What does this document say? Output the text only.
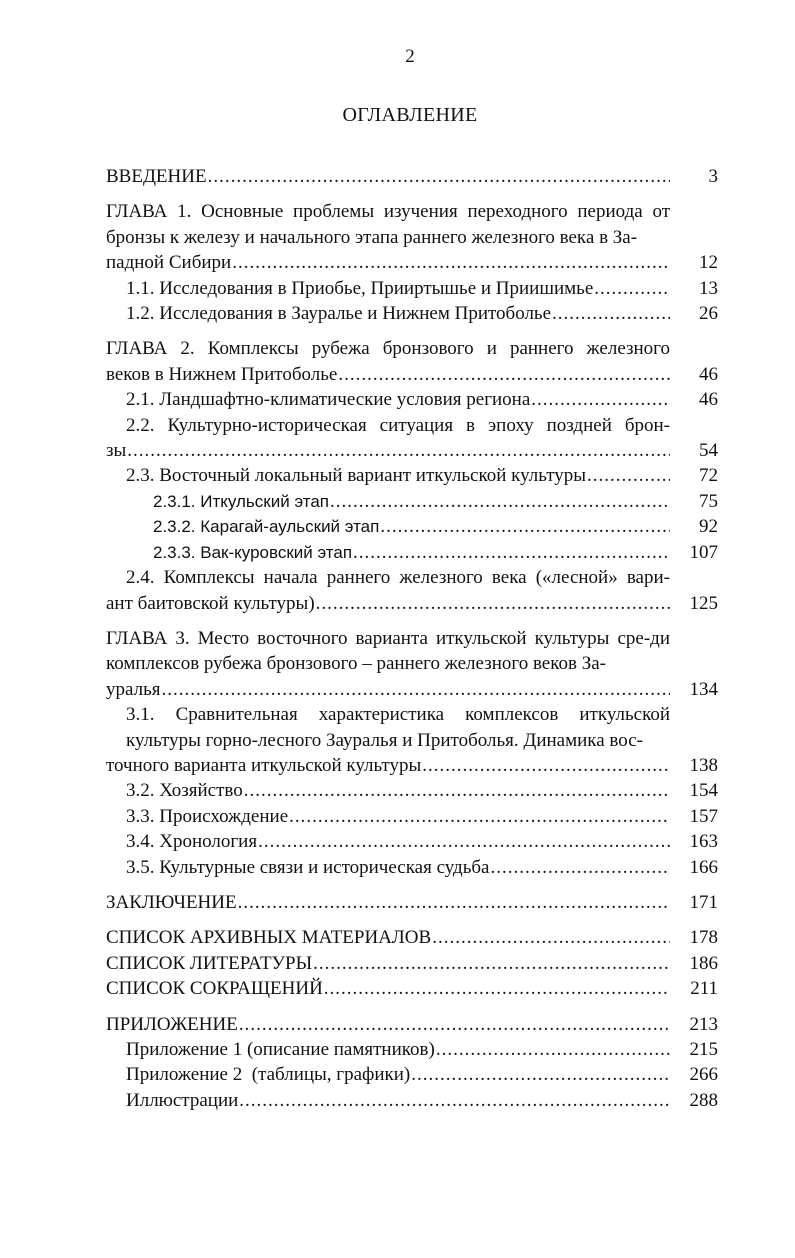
2
ОГЛАВЛЕНИЕ
ВВЕДЕНИЕ .....	3
ГЛАВА 1. Основные проблемы изучения переходного периода от бронзы к железу и начального этапа раннего железного века в За-
падной Сибири .....	12
1.1. Исследования в Приобье, Прииртышье и Приишимье .....	13
1.2. Исследования в Зауралье и Нижнем Притоболье .....	26
ГЛАВА 2. Комплексы рубежа бронзового и раннего железного
веков в Нижнем Притоболье .....	46
2.1. Ландшафтно-климатические условия региона .....	46
2.2. Культурно-историческая ситуация в эпоху поздней брон-
зы .....	54
2.3. Восточный локальный вариант иткульской культуры .....	72
2.3.1. Иткульский этап .....	75
2.3.2. Карагай-аульский этап .....	92
2.3.3. Вак-куровский этап .....	107
2.4. Комплексы начала раннего железного века («лесной» вари-
ант баитовской культуры) .....	125
ГЛАВА 3. Место восточного варианта иткульской культуры сре-ди комплексов рубежа бронзового – раннего железного веков За-
уралья .....	134
3.1. Сравнительная характеристика комплексов иткульской культуры горно-лесного Зауралья и Притоболья. Динамика вос-
точного варианта иткульской культуры .....	138
3.2. Хозяйство .....	154
3.3. Происхождение .....	157
3.4. Хронология .....	163
3.5. Культурные связи и историческая судьба .....	166
ЗАКЛЮЧЕНИЕ .....	171
СПИСОК АРХИВНЫХ МАТЕРИАЛОВ .....	178
СПИСОК ЛИТЕРАТУРЫ .....	186
СПИСОК СОКРАЩЕНИЙ .....	211
ПРИЛОЖЕНИЕ .....	213
Приложение 1 (описание памятников) .....	215
Приложение 2  (таблицы, графики) .....	266
Иллюстрации .....	288
